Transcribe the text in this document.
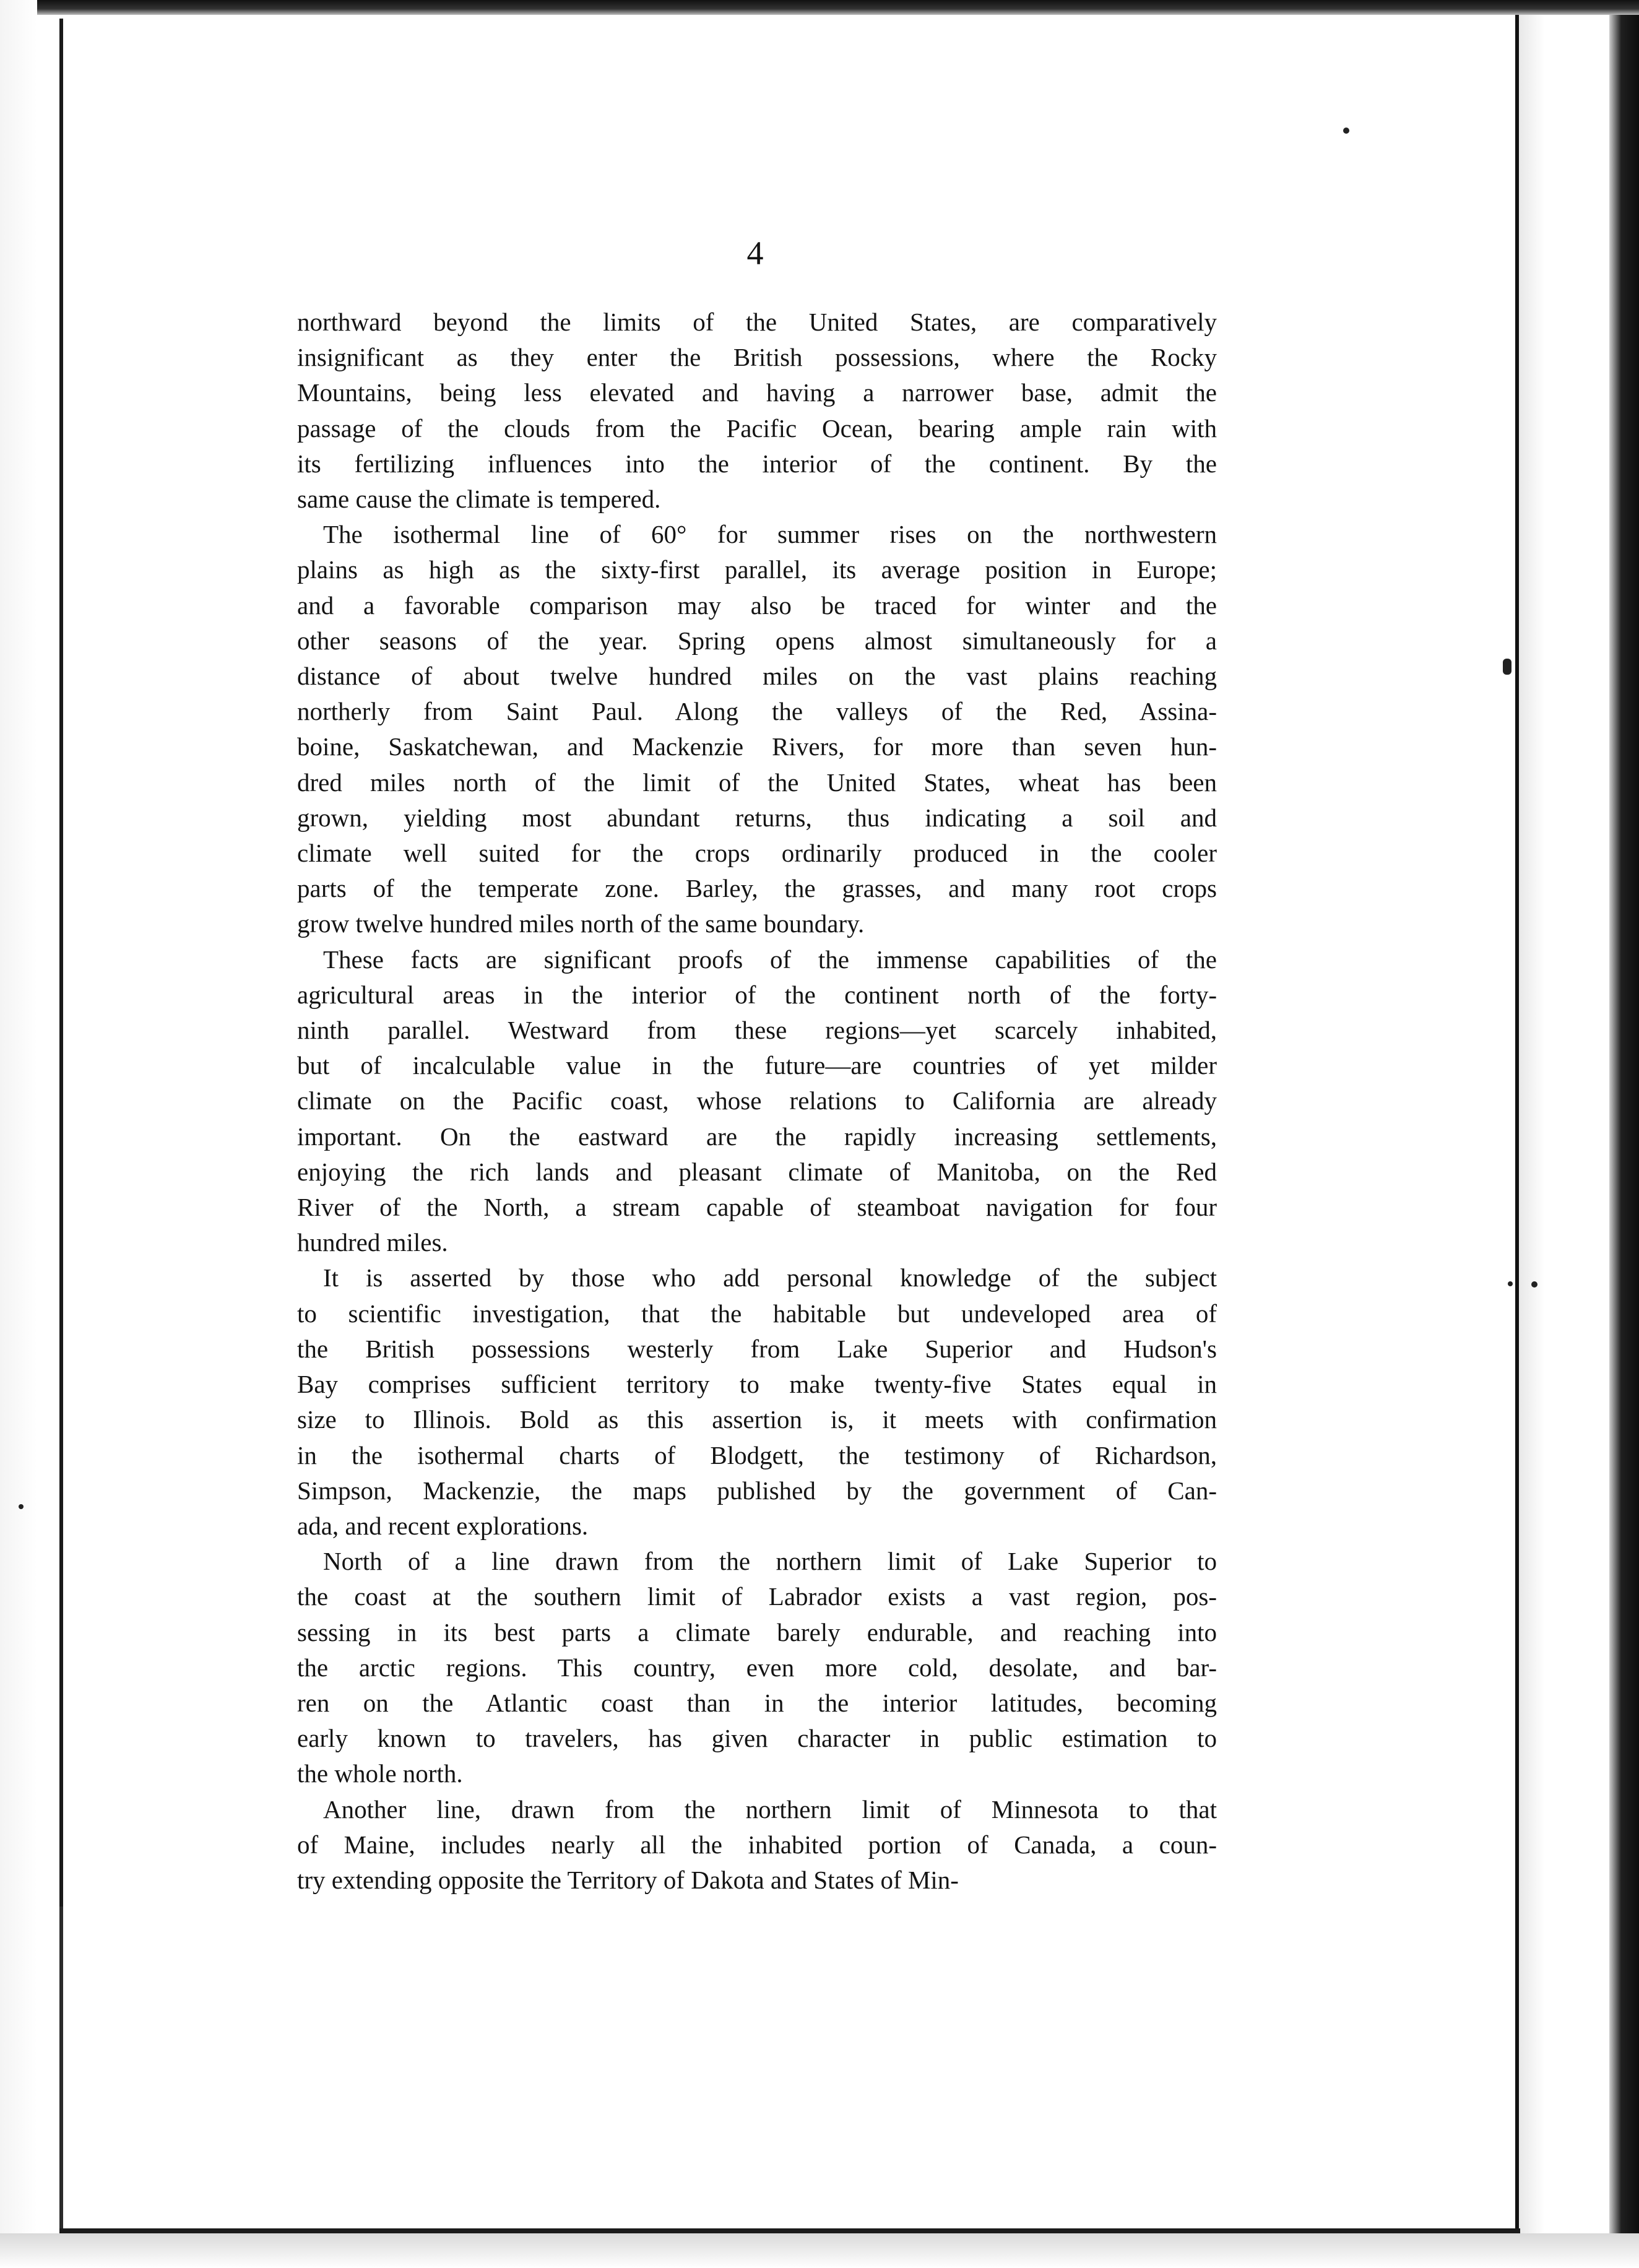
4

northward beyond the limits of the United States, are comparatively
insignificant as they enter the British possessions, where the Rocky
Mountains, being less elevated and having a narrower base, admit the
passage of the clouds from the Pacific Ocean, bearing ample rain with
its fertilizing influences into the interior of the continent. By the
same cause the climate is tempered.

The isothermal line of 60° for summer rises on the northwestern
plains as high as the sixty-first parallel, its average position in Europe;
and a favorable comparison may also be traced for winter and the
other seasons of the year. Spring opens almost simultaneously for a
distance of about twelve hundred miles on the vast plains reaching
northerly from Saint Paul. Along the valleys of the Red, Assina-
boine, Saskatchewan, and Mackenzie Rivers, for more than seven hun-
dred miles north of the limit of the United States, wheat has been
grown, yielding most abundant returns, thus indicating a soil and
climate well suited for the crops ordinarily produced in the cooler
parts of the temperate zone. Barley, the grasses, and many root crops
grow twelve hundred miles north of the same boundary.

These facts are significant proofs of the immense capabilities of the
agricultural areas in the interior of the continent north of the forty-
ninth parallel. Westward from these regions—yet scarcely inhabited,
but of incalculable value in the future—are countries of yet milder
climate on the Pacific coast, whose relations to California are already
important. On the eastward are the rapidly increasing settlements,
enjoying the rich lands and pleasant climate of Manitoba, on the Red
River of the North, a stream capable of steamboat navigation for four
hundred miles.

It is asserted by those who add personal knowledge of the subject
to scientific investigation, that the habitable but undeveloped area of
the British possessions westerly from Lake Superior and Hudson's
Bay comprises sufficient territory to make twenty-five States equal in
size to Illinois. Bold as this assertion is, it meets with confirmation
in the isothermal charts of Blodgett, the testimony of Richardson,
Simpson, Mackenzie, the maps published by the government of Can-
ada, and recent explorations.

North of a line drawn from the northern limit of Lake Superior to
the coast at the southern limit of Labrador exists a vast region, pos-
sessing in its best parts a climate barely endurable, and reaching into
the arctic regions. This country, even more cold, desolate, and bar-
ren on the Atlantic coast than in the interior latitudes, becoming
early known to travelers, has given character in public estimation to
the whole north.

Another line, drawn from the northern limit of Minnesota to that
of Maine, includes nearly all the inhabited portion of Canada, a coun-
try extending opposite the Territory of Dakota and States of Min-
